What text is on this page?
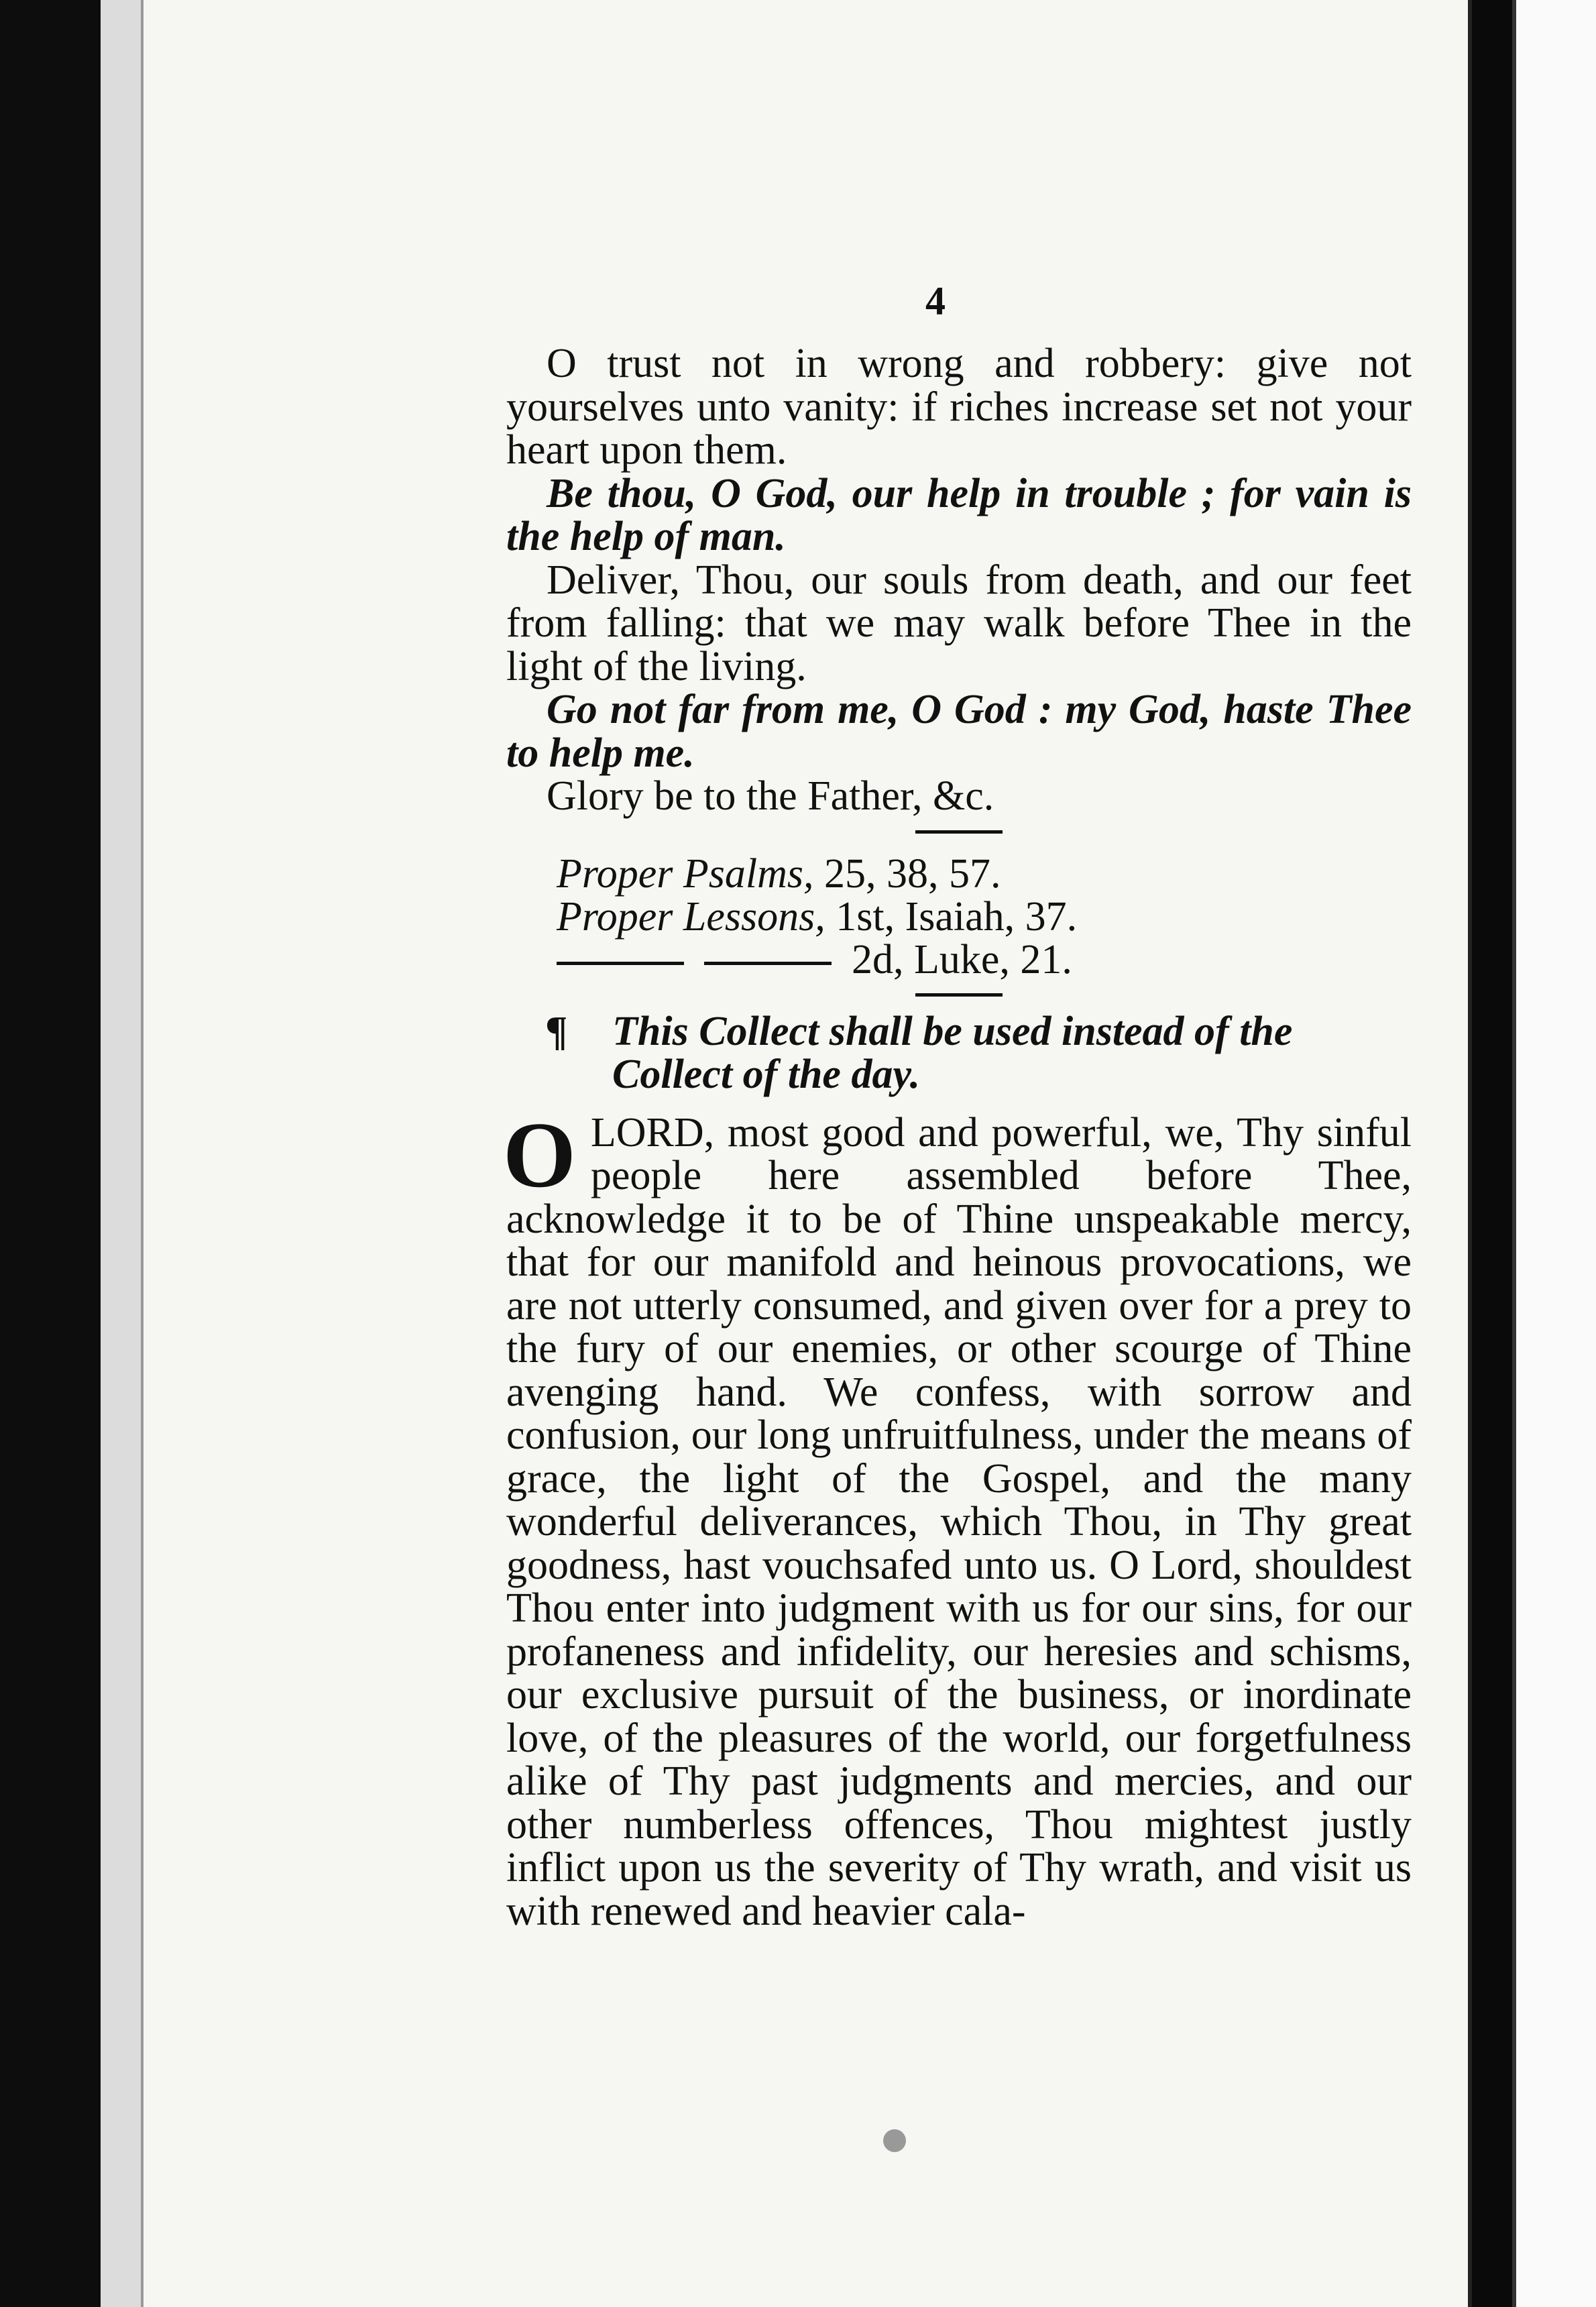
4

O trust not in wrong and robbery: give not yourselves unto vanity: if riches increase set not your heart upon them.

Be thou, O God, our help in trouble ; for vain is the help of man.

Deliver, Thou, our souls from death, and our feet from falling: that we may walk before Thee in the light of the living.

Go not far from me, O God : my God, haste Thee to help me.

Glory be to the Father, &c.

Proper Psalms, 25, 38, 57.
Proper Lessons, 1st, Isaiah, 37.
2d, Luke, 21.
¶	This Collect shall be used instead of the Collect of the day.
O LORD, most good and powerful, we, Thy sinful people here assembled before Thee, acknowledge it to be of Thine unspeakable mercy, that for our manifold and heinous provocations, we are not utterly consumed, and given over for a prey to the fury of our enemies, or other scourge of Thine avenging hand. We confess, with sorrow and confusion, our long unfruitfulness, under the means of grace, the light of the Gospel, and the many wonderful deliverances, which Thou, in Thy great goodness, hast vouchsafed unto us. O Lord, shouldest Thou enter into judgment with us for our sins, for our profaneness and infidelity, our heresies and schisms, our exclusive pursuit of the business, or inordinate love, of the pleasures of the world, our forgetfulness alike of Thy past judgments and mercies, and our other numberless offences, Thou mightest justly inflict upon us the severity of Thy wrath, and visit us with renewed and heavier cala-
